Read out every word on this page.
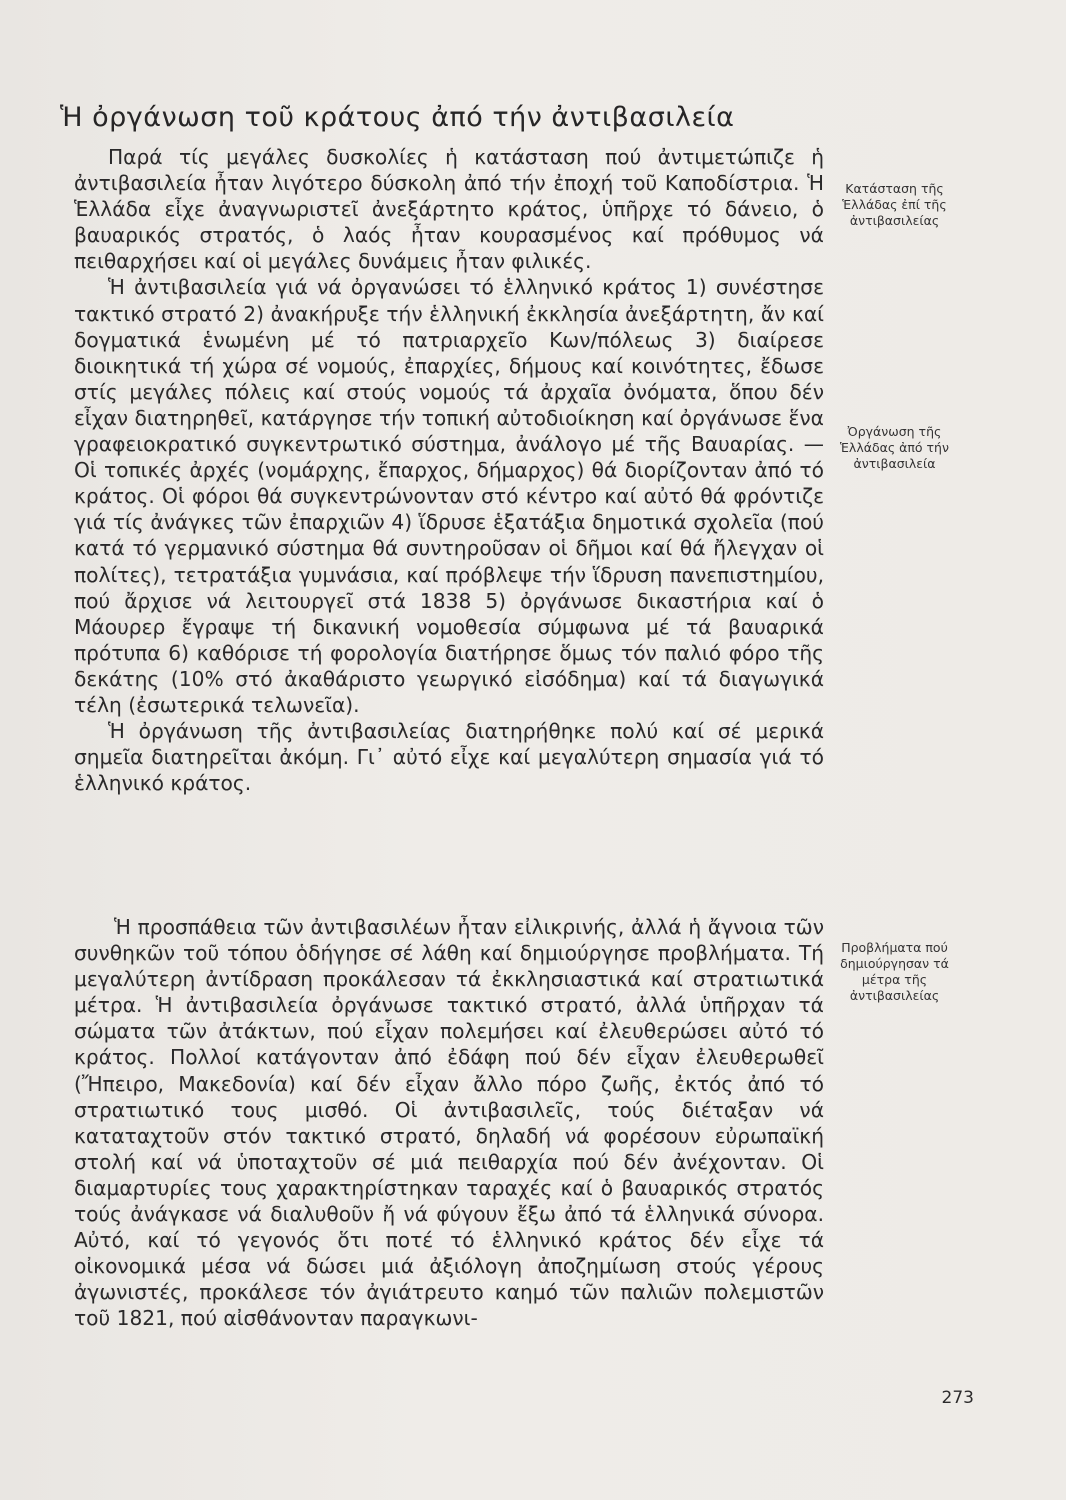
Ἡ ὀργάνωση τοῦ κράτους ἀπό τήν ἀντιβασιλεία

Παρά τίς μεγάλες δυσκολίες ἡ κατάσταση πού ἀντιμετώπιζε ἡ ἀντιβασιλεία ἦταν λιγότερο δύσκολη ἀπό τήν ἐποχή τοῦ Καποδίστρια. Ἡ Ἑλλάδα εἶχε ἀναγνωριστεῖ ἀνεξάρτητο κράτος, ὑπῆρχε τό δάνειο, ὁ βαυαρικός στρατός, ὁ λαός ἦταν κουρασμένος καί πρόθυμος νά πειθαρχήσει καί οἱ μεγάλες δυνάμεις ἦταν φιλικές.

Ἡ ἀντιβασιλεία γιά νά ὀργανώσει τό ἑλληνικό κράτος 1) συνέστησε τακτικό στρατό 2) ἀνακήρυξε τήν ἑλληνική ἐκκλησία ἀνεξάρτητη, ἄν καί δογματικά ἑνωμένη μέ τό πατριαρχεῖο Κων/πόλεως 3) διαίρεσε διοικητικά τή χώρα σέ νομούς, ἐπαρχίες, δήμους καί κοινότητες, ἔδωσε στίς μεγάλες πόλεις καί στούς νομούς τά ἀρχαῖα ὀνόματα, ὅπου δέν εἶχαν διατηρηθεῖ, κατάργησε τήν τοπική αὐτοδιοίκηση καί ὀργάνωσε ἕνα γραφειοκρατικό συγκεντρωτικό σύστημα, ἀνάλογο μέ τῆς Βαυαρίας. — Οἱ τοπικές ἀρχές (νομάρχης, ἔπαρχος, δήμαρχος) θά διορίζονταν ἀπό τό κράτος. Οἱ φόροι θά συγκεντρώνονταν στό κέντρο καί αὐτό θά φρόντιζε γιά τίς ἀνάγκες τῶν ἐπαρχιῶν 4) ἵδρυσε ἑξατάξια δημοτικά σχολεῖα (πού κατά τό γερμανικό σύστημα θά συντηροῦσαν οἱ δῆμοι καί θά ἤλεγχαν οἱ πολίτες), τετρατάξια γυμνάσια, καί πρόβλεψε τήν ἵδρυση πανεπιστημίου, πού ἄρχισε νά λειτουργεῖ στά 1838 5) ὀργάνωσε δικαστήρια καί ὁ Μάουρερ ἔγραψε τή δικανική νομοθεσία σύμφωνα μέ τά βαυαρικά πρότυπα 6) καθόρισε τή φορολογία διατήρησε ὅμως τόν παλιό φόρο τῆς δεκάτης (10% στό ἀκαθάριστο γεωργικό εἰσόδημα) καί τά διαγωγικά τέλη (ἐσωτερικά τελωνεῖα).

Ἡ ὀργάνωση τῆς ἀντιβασιλείας διατηρήθηκε πολύ καί σέ μερικά σημεῖα διατηρεῖται ἀκόμη. Γι᾽ αὐτό εἶχε καί μεγαλύτερη σημασία γιά τό ἑλληνικό κράτος.

Ἡ προσπάθεια τῶν ἀντιβασιλέων ἦταν εἰλικρινής, ἀλλά ἡ ἄγνοια τῶν συνθηκῶν τοῦ τόπου ὁδήγησε σέ λάθη καί δημιούργησε προβλήματα. Τή μεγαλύτερη ἀντίδραση προκάλεσαν τά ἐκκλησιαστικά καί στρατιωτικά μέτρα. Ἡ ἀντιβασιλεία ὀργάνωσε τακτικό στρατό, ἀλλά ὑπῆρχαν τά σώματα τῶν ἀτάκτων, πού εἶχαν πολεμήσει καί ἐλευθερώσει αὐτό τό κράτος. Πολλοί κατάγονταν ἀπό ἐδάφη πού δέν εἶχαν ἐλευθερωθεῖ (Ἤπειρο, Μακεδονία) καί δέν εἶχαν ἄλλο πόρο ζωῆς, ἐκτός ἀπό τό στρατιωτικό τους μισθό. Οἱ ἀντιβασιλεῖς, τούς διέταξαν νά καταταχτοῦν στόν τακτικό στρατό, δηλαδή νά φορέσουν εὐρωπαϊκή στολή καί νά ὑποταχτοῦν σέ μιά πειθαρχία πού δέν ἀνέχονταν. Οἱ διαμαρτυρίες τους χαρακτηρίστηκαν ταραχές καί ὁ βαυαρικός στρατός τούς ἀνάγκασε νά διαλυθοῦν ἤ νά φύγουν ἔξω ἀπό τά ἑλληνικά σύνορα. Αὐτό, καί τό γεγονός ὅτι ποτέ τό ἑλληνικό κράτος δέν εἶχε τά οἰκονομικά μέσα νά δώσει μιά ἀξιόλογη ἀποζημίωση στούς γέρους ἀγωνιστές, προκάλεσε τόν ἀγιάτρευτο καημό τῶν παλιῶν πολεμιστῶν τοῦ 1821, πού αἰσθάνονταν παραγκωνι-

Κατάσταση τῆς Ἑλλάδας ἐπί τῆς ἀντιβασιλείας
Ὀργάνωση τῆς Ἑλλάδας ἀπό τήν ἀντιβασιλεία
Προβλήματα πού δημιούργησαν τά μέτρα τῆς ἀντιβασιλείας
273
